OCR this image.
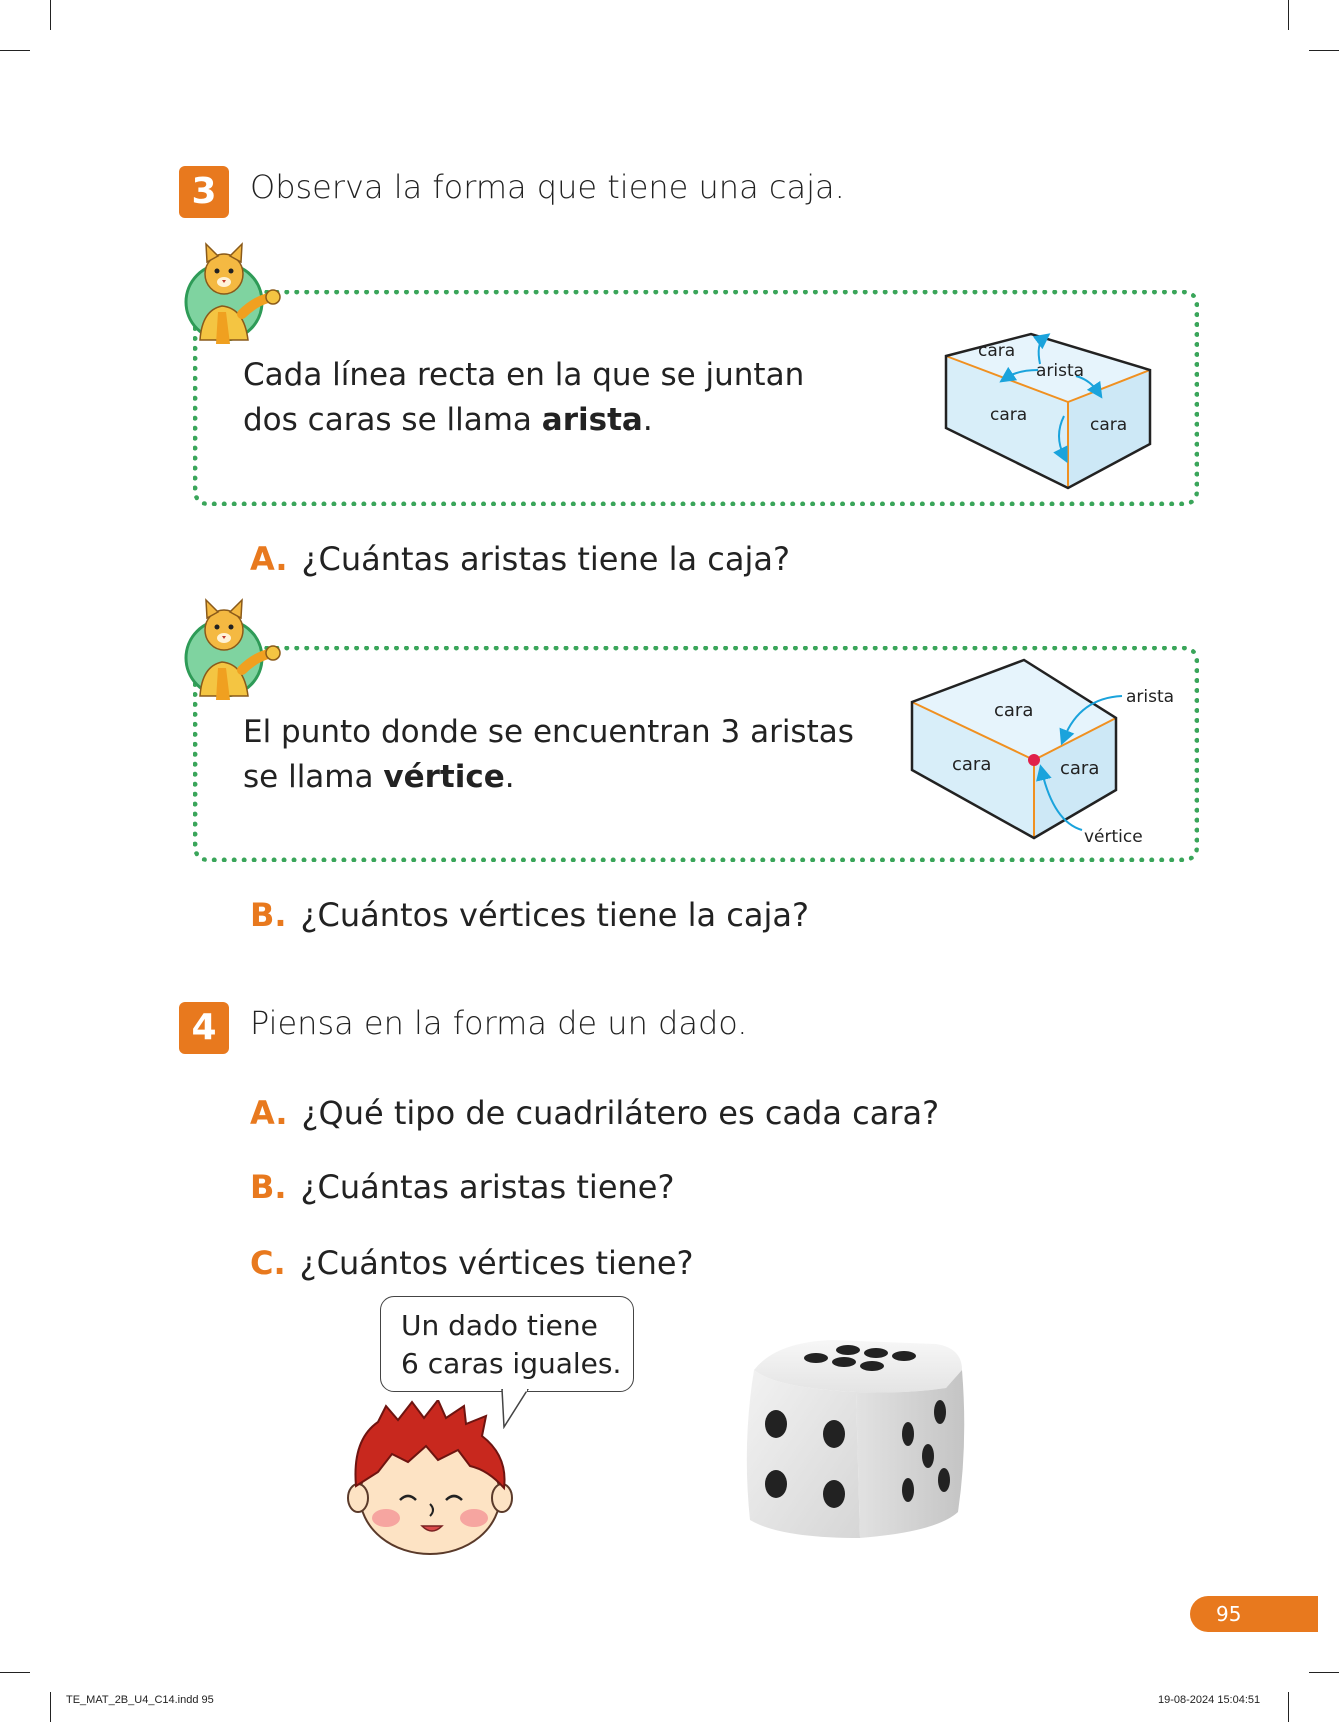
3	Observa la forma que tiene una caja.
Cada línea recta en la que se juntan
dos caras se llama arista.
cara
arista
cara	cara
A. ¿Cuántas aristas tiene la caja?
El punto donde se encuentran 3 aristas
se llama vértice.
cara
arista
cara	cara
vértice
B. ¿Cuántos vértices tiene la caja?
4	Piensa en la forma de un dado.
A. ¿Qué tipo de cuadrilátero es cada cara?
B. ¿Cuántas aristas tiene?
C. ¿Cuántos vértices tiene?
Un dado tiene
6 caras iguales.
95
TE_MAT_2B_U4_C14.indd 95	19-08-2024 15:04:51
